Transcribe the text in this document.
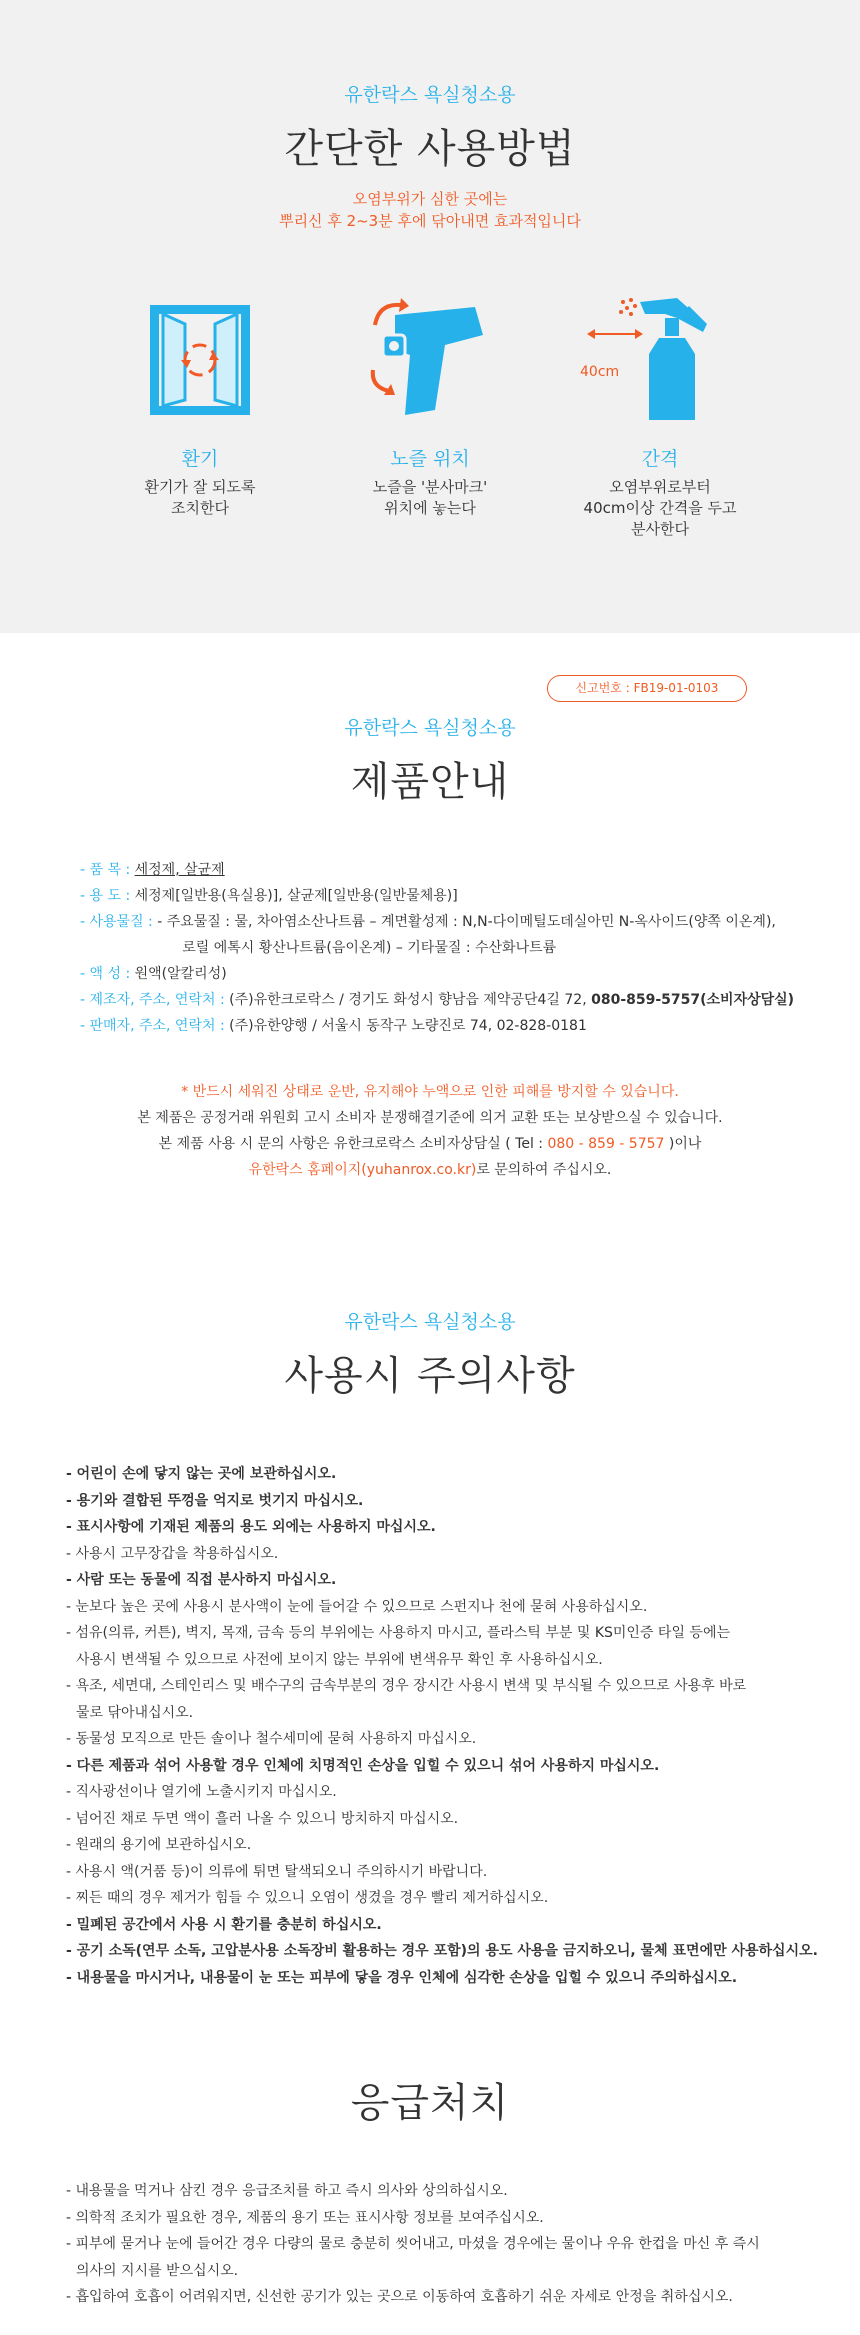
유한락스 욕실청소용
간단한 사용방법
오염부위가 심한 곳에는
뿌리신 후 2~3분 후에 닦아내면 효과적입니다
환기
환기가 잘 되도록
조치한다
노즐 위치
노즐을 '분사마크'
위치에 놓는다
40cm
간격
오염부위로부터
40cm이상 간격을 두고
분사한다
신고번호 : FB19-01-0103
유한락스 욕실청소용
제품안내
- 품 목 :
세정제, 살균제
- 용 도 :
세정제[일반용(욕실용)], 살균제[일반용(일반물체용)]
- 사용물질 :
- 주요물질 : 물, 차아염소산나트륨 – 계면활성제 : N,N-다이메틸도데실아민 N-옥사이드(양쪽 이온계),
로릴 에톡시 황산나트륨(음이온계) – 기타물질 : 수산화나트륨
- 액 성 :
원액(알칼리성)
- 제조자, 주소, 연락처 :
(주)유한크로락스 / 경기도 화성시 향남읍 제약공단4길 72, 080-859-5757(소비자상담실)
- 판매자, 주소, 연락처 :
(주)유한양행 / 서울시 동작구 노량진로 74, 02-828-0181
* 반드시 세워진 상태로 운반, 유지해야 누액으로 인한 피해를 방지할 수 있습니다.
본 제품은 공정거래 위원회 고시 소비자 분쟁해결기준에 의거 교환 또는 보상받으실 수 있습니다.
본 제품 사용 시 문의 사항은 유한크로락스 소비자상담실 ( Tel : 080 - 859 - 5757 )이나
유한락스 홈페이지(yuhanrox.co.kr)로 문의하여 주십시오.
유한락스 욕실청소용
사용시 주의사항
- 어린이 손에 닿지 않는 곳에 보관하십시오.
- 용기와 결합된 뚜껑을 억지로 벗기지 마십시오.
- 표시사항에 기재된 제품의 용도 외에는 사용하지 마십시오.
- 사용시 고무장갑을 착용하십시오.
- 사람 또는 동물에 직접 분사하지 마십시오.
- 눈보다 높은 곳에 사용시 분사액이 눈에 들어갈 수 있으므로 스펀지나 천에 묻혀 사용하십시오.
- 섬유(의류, 커튼), 벽지, 목재, 금속 등의 부위에는 사용하지 마시고, 플라스틱 부분 및 KS미인증 타일 등에는
사용시 변색될 수 있으므로 사전에 보이지 않는 부위에 변색유무 확인 후 사용하십시오.
- 욕조, 세면대, 스테인리스 및 배수구의 금속부분의 경우 장시간 사용시 변색 및 부식될 수 있으므로 사용후 바로
물로 닦아내십시오.
- 동물성 모직으로 만든 솔이나 철수세미에 묻혀 사용하지 마십시오.
- 다른 제품과 섞어 사용할 경우 인체에 치명적인 손상을 입힐 수 있으니 섞어 사용하지 마십시오.
- 직사광선이나 열기에 노출시키지 마십시오.
- 넘어진 채로 두면 액이 흘러 나올 수 있으니 방치하지 마십시오.
- 원래의 용기에 보관하십시오.
- 사용시 액(거품 등)이 의류에 튀면 탈색되오니 주의하시기 바랍니다.
- 찌든 때의 경우 제거가 힘들 수 있으니 오염이 생겼을 경우 빨리 제거하십시오.
- 밀폐된 공간에서 사용 시 환기를 충분히 하십시오.
- 공기 소독(연무 소독, 고압분사용 소독장비 활용하는 경우 포함)의 용도 사용을 금지하오니, 물체 표면에만 사용하십시오.
- 내용물을 마시거나, 내용물이 눈 또는 피부에 닿을 경우 인체에 심각한 손상을 입힐 수 있으니 주의하십시오.
응급처치
- 내용물을 먹거나 삼킨 경우 응급조치를 하고 즉시 의사와 상의하십시오.
- 의학적 조치가 필요한 경우, 제품의 용기 또는 표시사항 정보를 보여주십시오.
- 피부에 묻거나 눈에 들어간 경우 다량의 물로 충분히 씻어내고, 마셨을 경우에는 물이나 우유 한컵을 마신 후 즉시
의사의 지시를 받으십시오.
- 흡입하여 호흡이 어려워지면, 신선한 공기가 있는 곳으로 이동하여 호흡하기 쉬운 자세로 안정을 취하십시오.
